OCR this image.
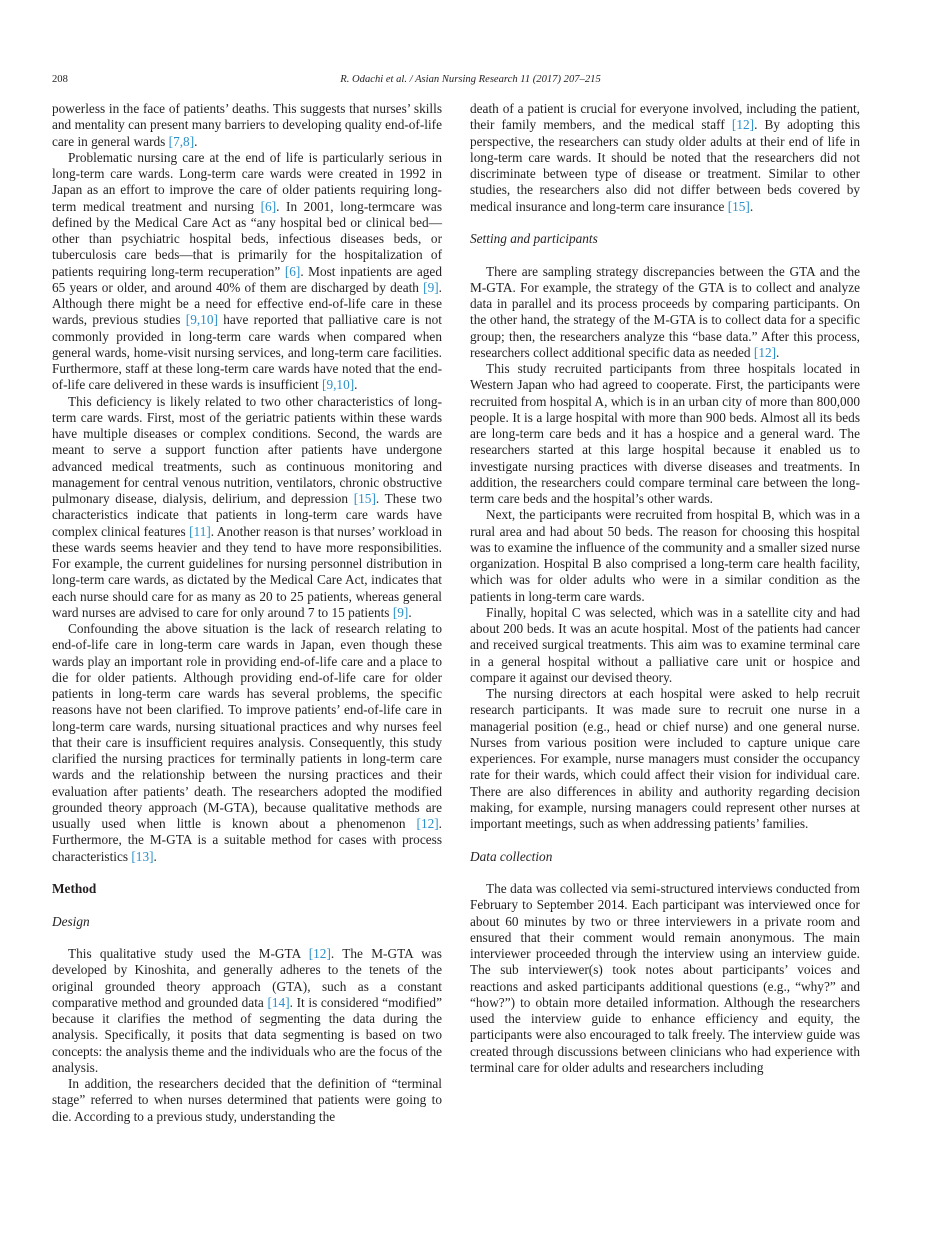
208	R. Odachi et al. / Asian Nursing Research 11 (2017) 207–215

powerless in the face of patients’ deaths. This suggests that nurses’ skills and mentality can present many barriers to developing quality end-of-life care in general wards [7,8].

Problematic nursing care at the end of life is particularly serious in long-term care wards. Long-term care wards were created in 1992 in Japan as an effort to improve the care of older patients requiring long-term medical treatment and nursing [6]. In 2001, long-termcare was defined by the Medical Care Act as “any hospital bed or clinical bed—other than psychiatric hospital beds, infectious diseases beds, or tuberculosis care beds—that is primarily for the hospitalization of patients requiring long-term recuperation” [6]. Most inpatients are aged 65 years or older, and around 40% of them are discharged by death [9]. Although there might be a need for effective end-of-life care in these wards, previous studies [9,10] have reported that palliative care is not commonly provided in long-term care wards when compared when general wards, home-visit nursing services, and long-term care facilities. Furthermore, staff at these long-term care wards have noted that the end-of-life care delivered in these wards is insufficient [9,10].

This deficiency is likely related to two other characteristics of long-term care wards. First, most of the geriatric patients within these wards have multiple diseases or complex conditions. Second, the wards are meant to serve a support function after patients have undergone advanced medical treatments, such as continuous monitoring and management for central venous nutrition, ventilators, chronic obstructive pulmonary disease, dialysis, delirium, and depression [15]. These two characteristics indicate that patients in long-term care wards have complex clinical features [11]. Another reason is that nurses’ workload in these wards seems heavier and they tend to have more responsibilities. For example, the current guidelines for nursing personnel distribution in long-term care wards, as dictated by the Medical Care Act, indicates that each nurse should care for as many as 20 to 25 patients, whereas general ward nurses are advised to care for only around 7 to 15 patients [9].

Confounding the above situation is the lack of research relating to end-of-life care in long-term care wards in Japan, even though these wards play an important role in providing end-of-life care and a place to die for older patients. Although providing end-of-life care for older patients in long-term care wards has several problems, the specific reasons have not been clarified. To improve patients’ end-of-life care in long-term care wards, nursing situational practices and why nurses feel that their care is insufficient requires analysis. Consequently, this study clarified the nursing practices for terminally patients in long-term care wards and the relationship between the nursing practices and their evaluation after patients’ death. The researchers adopted the modified grounded theory approach (M-GTA), because qualitative methods are usually used when little is known about a phenomenon [12]. Furthermore, the M-GTA is a suitable method for cases with process characteristics [13].

Method
Design

This qualitative study used the M-GTA [12]. The M-GTA was developed by Kinoshita, and generally adheres to the tenets of the original grounded theory approach (GTA), such as a constant comparative method and grounded data [14]. It is considered “modified” because it clarifies the method of segmenting the data during the analysis. Specifically, it posits that data segmenting is based on two concepts: the analysis theme and the individuals who are the focus of the analysis.

In addition, the researchers decided that the definition of “terminal stage” referred to when nurses determined that patients were going to die. According to a previous study, understanding the

death of a patient is crucial for everyone involved, including the patient, their family members, and the medical staff [12]. By adopting this perspective, the researchers can study older adults at their end of life in long-term care wards. It should be noted that the researchers did not discriminate between type of disease or treatment. Similar to other studies, the researchers also did not differ between beds covered by medical insurance and long-term care insurance [15].

Setting and participants

There are sampling strategy discrepancies between the GTA and the M-GTA. For example, the strategy of the GTA is to collect and analyze data in parallel and its process proceeds by comparing participants. On the other hand, the strategy of the M-GTA is to collect data for a specific group; then, the researchers analyze this “base data.” After this process, researchers collect additional specific data as needed [12].

This study recruited participants from three hospitals located in Western Japan who had agreed to cooperate. First, the participants were recruited from hospital A, which is in an urban city of more than 800,000 people. It is a large hospital with more than 900 beds. Almost all its beds are long-term care beds and it has a hospice and a general ward. The researchers started at this large hospital because it enabled us to investigate nursing practices with diverse diseases and treatments. In addition, the researchers could compare terminal care between the long-term care beds and the hospital’s other wards.

Next, the participants were recruited from hospital B, which was in a rural area and had about 50 beds. The reason for choosing this hospital was to examine the influence of the community and a smaller sized nurse organization. Hospital B also comprised a long-term care health facility, which was for older adults who were in a similar condition as the patients in long-term care wards.

Finally, hopital C was selected, which was in a satellite city and had about 200 beds. It was an acute hospital. Most of the patients had cancer and received surgical treatments. This aim was to examine terminal care in a general hospital without a palliative care unit or hospice and compare it against our devised theory.

The nursing directors at each hospital were asked to help recruit research participants. It was made sure to recruit one nurse in a managerial position (e.g., head or chief nurse) and one general nurse. Nurses from various position were included to capture unique care experiences. For example, nurse managers must consider the occupancy rate for their wards, which could affect their vision for individual care. There are also differences in ability and authority regarding decision making, for example, nursing managers could represent other nurses at important meetings, such as when addressing patients’ families.

Data collection

The data was collected via semi-structured interviews conducted from February to September 2014. Each participant was interviewed once for about 60 minutes by two or three interviewers in a private room and ensured that their comment would remain anonymous. The main interviewer proceeded through the interview using an interview guide. The sub interviewer(s) took notes about participants’ voices and reactions and asked participants additional questions (e.g., “why?” and “how?”) to obtain more detailed information. Although the researchers used the interview guide to enhance efficiency and equity, the participants were also encouraged to talk freely. The interview guide was created through discussions between clinicians who had experience with terminal care for older adults and researchers including
